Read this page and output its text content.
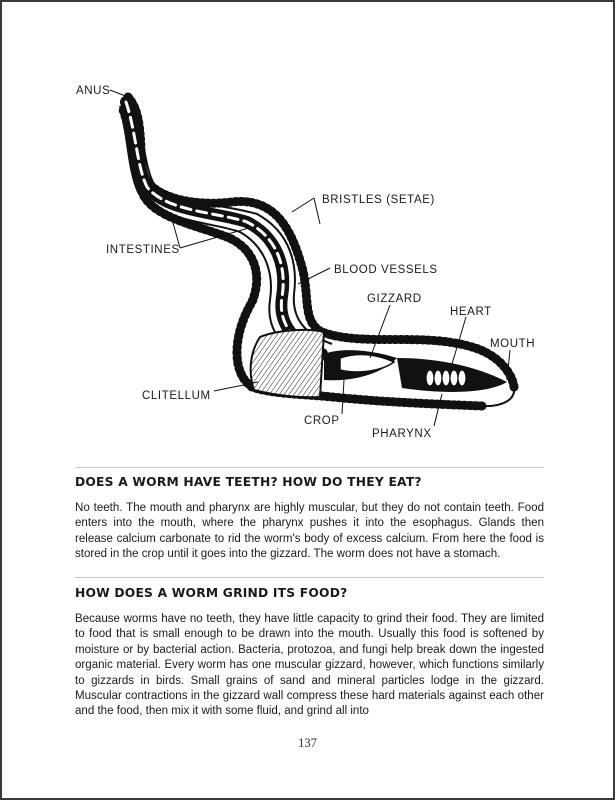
ANUS
BRISTLES (SETAE)
INTESTINES
BLOOD VESSELS
GIZZARD
HEART
MOUTH
CLITELLUM
CROP
PHARYNX
DOES A WORM HAVE TEETH? HOW DO THEY EAT?

No teeth. The mouth and pharynx are highly muscular, but they do not contain teeth. Food enters into the mouth, where the pharynx pushes it into the esophagus. Glands then release calcium carbonate to rid the worm's body of excess calcium. From here the food is stored in the crop until it goes into the gizzard. The worm does not have a stomach.

HOW DOES A WORM GRIND ITS FOOD?

Because worms have no teeth, they have little capacity to grind their food. They are limited to food that is small enough to be drawn into the mouth. Usually this food is softened by moisture or by bacterial action. Bacteria, protozoa, and fungi help break down the ingested organic material. Every worm has one muscular gizzard, however, which functions similarly to gizzards in birds. Small grains of sand and mineral particles lodge in the gizzard. Muscular contractions in the gizzard wall compress these hard materials against each other and the food, then mix it with some fluid, and grind all into

137
